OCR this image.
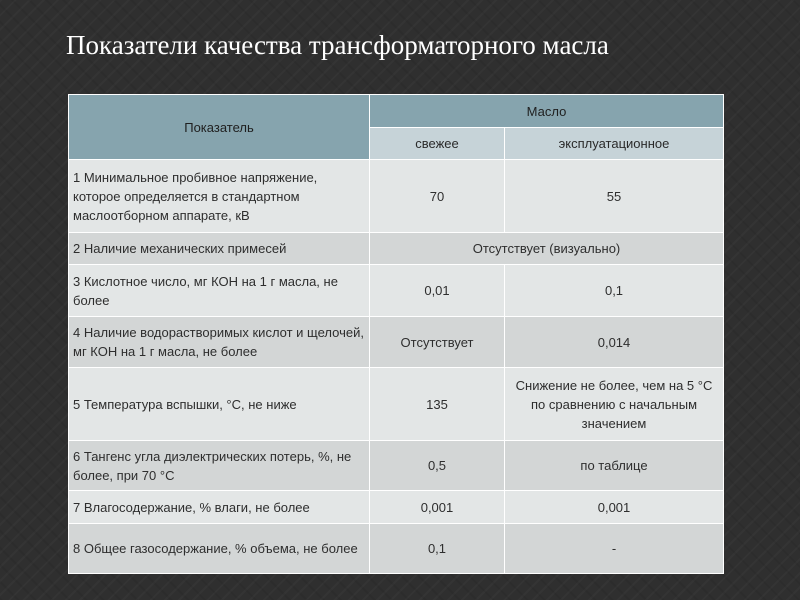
Показатели качества трансформаторного масла
Показатель	Масло	
	свежее	эксплуатационное
1 Минимальное пробивное напряжение, которое определяется в стандартном маслоотборном аппарате, кВ	70	55
2 Наличие механических примесей	Отсутствует (визуально)	
3 Кислотное число, мг КОН на 1 г масла, не более	0,01	0,1
4 Наличие водорастворимых кислот и щелочей, мг КОН на 1 г масла, не более	Отсутствует	0,014
5 Температура вспышки, °С, не ниже	135	Снижение не более, чем на 5 °С по сравнению с начальным значением
6 Тангенс угла диэлектрических потерь, %, не более, при 70 °С	0,5	по таблице
7 Влагосодержание, % влаги, не более	0,001	0,001
8 Общее газосодержание, % объема, не более	0,1	-
